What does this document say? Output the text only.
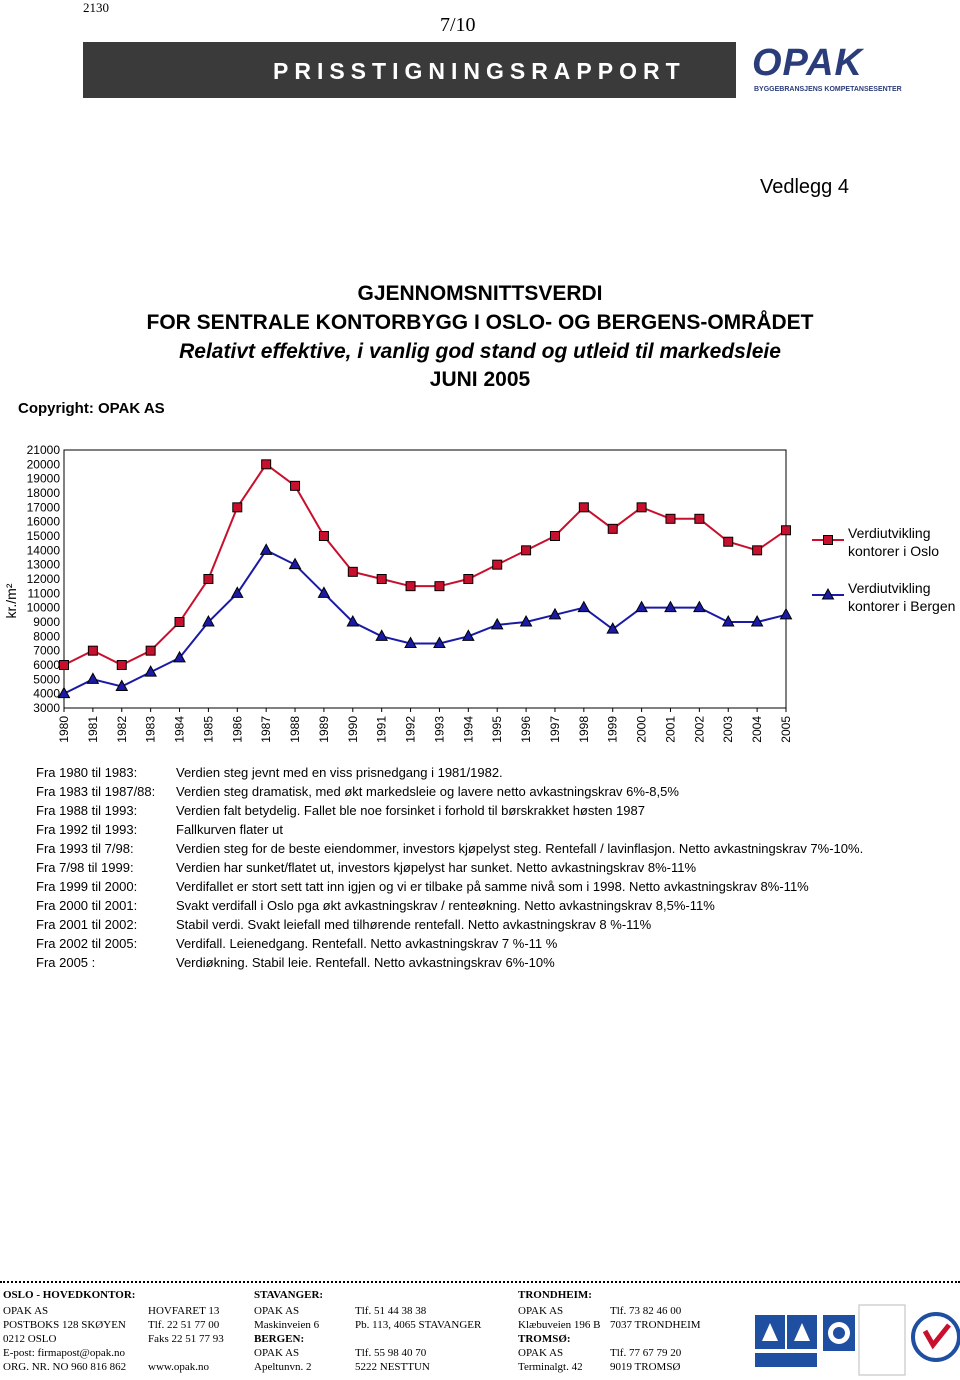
2130
7/10
PRISSTIGNINGSRAPPORT OPAK
BYGGEBRANSJENS KOMPETANSESENTER
Vedlegg 4
GJENNOMSNITTSVERDI
FOR SENTRALE KONTORBYGG I OSLO- OG BERGENS-OMRÅDET
Relativt effektive, i vanlig god stand og utleid til markedsleie
JUNI 2005
Copyright: OPAK AS
21000
20000
19000
18000
17000
16000
15000
14000
13000
12000
11000
10000
9000
8000
7000
6000
5000
4000
3000
kr./m²
1980 1981 1982 1983 1984 1985 1986 1987 1988 1989 1990 1991 1992 1993 1994 1995 1996 1997 1998 1999 2000 2001 2002 2003 2004 2005
Verdiutvikling
kontorer i Oslo
Verdiutvikling
kontorer i Bergen
Fra 1980 til 1983:	Verdien steg jevnt med en viss prisnedgang i 1981/1982.
Fra 1983 til 1987/88: Verdien steg dramatisk, med økt markedsleie og lavere netto avkastningskrav 6%-8,5%
Fra 1988 til 1993:	Verdien falt betydelig. Fallet ble noe forsinket i forhold til børskrakket høsten 1987
Fra 1992 til 1993:	Fallkurven flater ut
Fra 1993 til 7/98:	Verdien steg for de beste eiendommer, investors kjøpelyst steg. Rentefall / lavinflasjon. Netto avkastningskrav 7%-10%.
Fra 7/98 til 1999:	Verdien har sunket/flatet ut, investors kjøpelyst har sunket. Netto avkastningskrav 8%-11%
Fra 1999 til 2000:	Verdifallet er stort sett tatt inn igjen og vi er tilbake på samme nivå som i 1998. Netto avkastningskrav 8%-11%
Fra 2000 til 2001:	Svakt verdifall i Oslo pga økt avkastningskrav / renteøkning. Netto avkastningskrav 8,5%-11%
Fra 2001 til 2002:	Stabil verdi. Svakt leiefall med tilhørende rentefall. Netto avkastningskrav 8 %-11%
Fra 2002 til 2005:	Verdifall. Leienedgang. Rentefall. Netto avkastningskrav 7 %-11 %
Fra 2005 :	Verdiøkning. Stabil leie. Rentefall. Netto avkastningskrav 6%-10%
OSLO - HOVEDKONTOR:
OPAK AS
POSTBOKS 128 SKØYEN
0212 OSLO
E-post: firmapost@opak.no
ORG. NR. NO 960 816 862
HOVFARET 13
Tlf. 22 51 77 00
Faks 22 51 77 93
www.opak.no
STAVANGER:
OPAK AS
Maskinveien 6
Tlf. 51 44 38 38
Pb. 113, 4065 STAVANGER
BERGEN:
OPAK AS
Apeltunvn. 2
Tlf. 55 98 40 70
5222 NESTTUN
TRONDHEIM:
OPAK AS
Klæbuveien 196 B
Tlf. 73 82 46 00
7037 TRONDHEIM
TROMSØ:
OPAK AS
Terminalgt. 42
Tlf. 77 67 79 20
9019 TROMSØ
